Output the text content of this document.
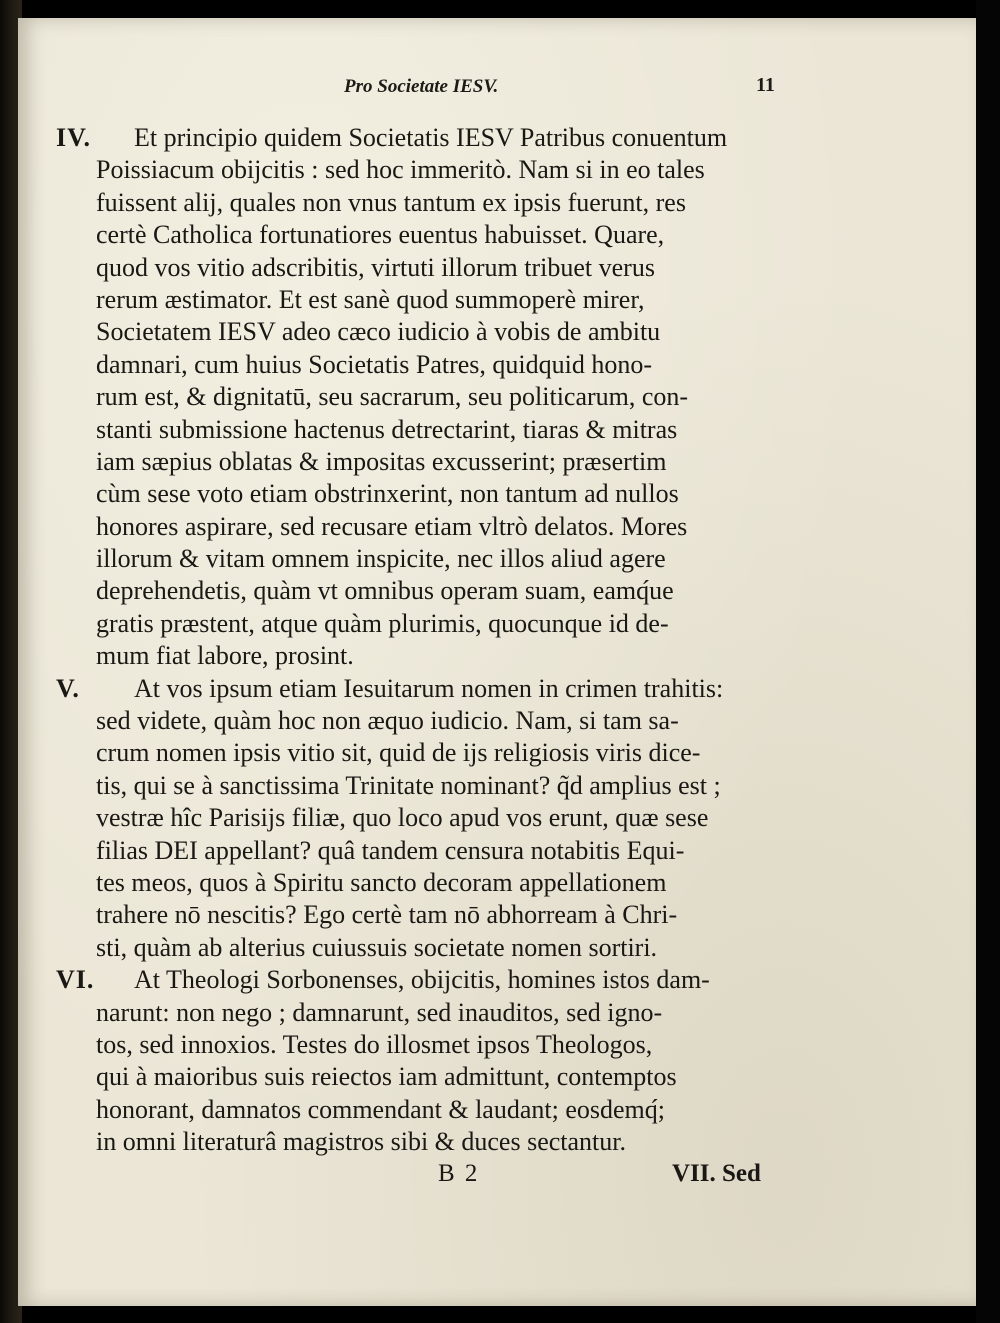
Pro Societate IESV.	11
IV. Et principio quidem Societatis IESV Patribus conuentum
Poissiacum obijcitis : sed hoc immeritò. Nam si in eo tales
fuissent alij, quales non vnus tantum ex ipsis fuerunt, res
certè Catholica fortunatiores euentus habuisset. Quare,
quod vos vitio adscribitis, virtuti illorum tribuet verus
rerum æstimator. Et est sanè quod summoperè mirer,
Societatem IESV adeo cæco iudicio à vobis de ambitu
damnari, cum huius Societatis Patres, quidquid hono-
rum est, & dignitatū, seu sacrarum, seu politicarum, con-
stanti submissione hactenus detrectarint, tiaras & mitras
iam sæpius oblatas & impositas excusserint; præsertim
cùm sese voto etiam obstrinxerint, non tantum ad nullos
honores aspirare, sed recusare etiam vltrò delatos. Mores
illorum & vitam omnem inspicite, nec illos aliud agere
deprehendetis, quàm vt omnibus operam suam, eamq́ue
gratis præstent, atque quàm plurimis, quocunque id de-
mum fiat labore, prosint.
V. At vos ipsum etiam Iesuitarum nomen in crimen trahitis:
sed videte, quàm hoc non æquo iudicio. Nam, si tam sa-
crum nomen ipsis vitio sit, quid de ijs religiosis viris dice-
tis, qui se à sanctissima Trinitate nominant? q̃d amplius est ;
vestræ hîc Parisijs filiæ, quo loco apud vos erunt, quæ sese
filias DEI appellant? quâ tandem censura notabitis Equi-
tes meos, quos à Spiritu sancto decoram appellationem
trahere nō nescitis? Ego certè tam nō abhorream à Chri-
sti, quàm ab alterius cuiussuis societate nomen sortiri.
VI. At Theologi Sorbonenses, obijcitis, homines istos dam-
narunt: non nego ; damnarunt, sed inauditos, sed igno-
tos, sed innoxios. Testes do illosmet ipsos Theologos,
qui à maioribus suis reiectos iam admittunt, contemptos
honorant, damnatos commendant & laudant; eosdemq́;
in omni literaturâ magistros sibi & duces sectantur.
B 2	VII. Sed
